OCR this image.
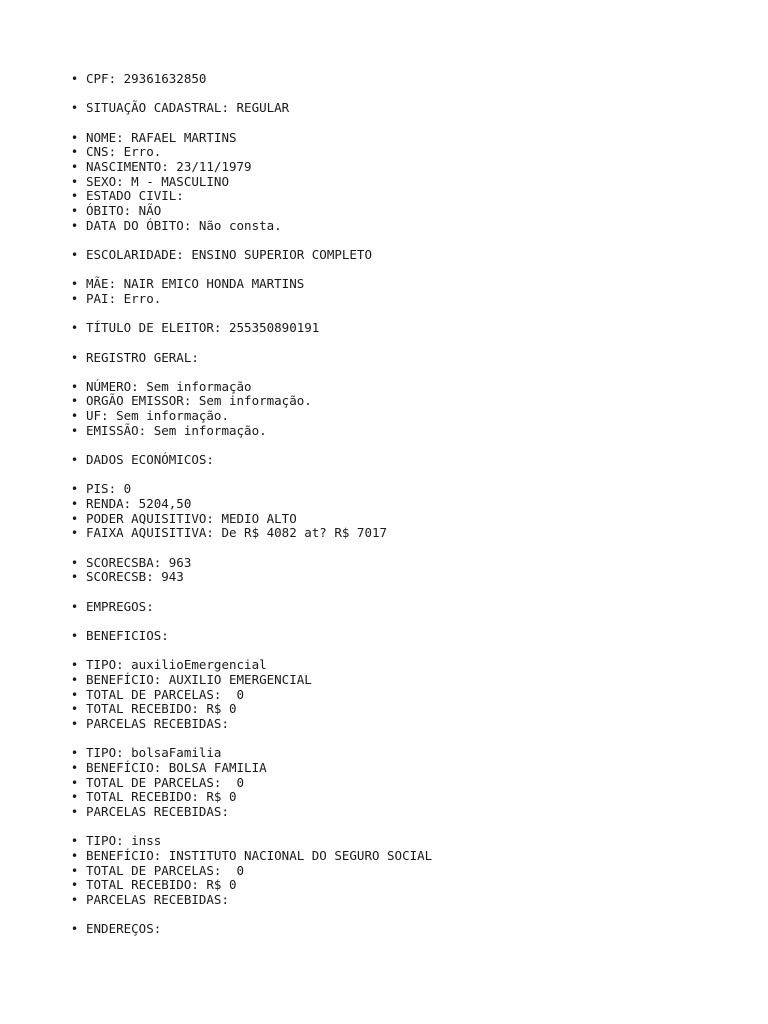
• CPF: 29361632850
• SITUAÇÃO CADASTRAL: REGULAR
• NOME: RAFAEL MARTINS
• CNS: Erro.
• NASCIMENTO: 23/11/1979
• SEXO: M - MASCULINO
• ESTADO CIVIL:
• ÓBITO: NÃO
• DATA DO ÓBITO: Não consta.
• ESCOLARIDADE: ENSINO SUPERIOR COMPLETO
• MÃE: NAIR EMICO HONDA MARTINS
• PAI: Erro.
• TÍTULO DE ELEITOR: 255350890191
• REGISTRO GERAL:
• NÚMERO: Sem informação
• ORGÃO EMISSOR: Sem informação.
• UF: Sem informação.
• EMISSÃO: Sem informação.
• DADOS ECONÓMICOS:
• PIS: 0
• RENDA: 5204,50
• PODER AQUISITIVO: MEDIO ALTO
• FAIXA AQUISITIVA: De R$ 4082 at? R$ 7017
• SCORECSBA: 963
• SCORECSB: 943
• EMPREGOS:
• BENEFICIOS:
• TIPO: auxilioEmergencial
• BENEFÍCIO: AUXILIO EMERGENCIAL
• TOTAL DE PARCELAS:  0
• TOTAL RECEBIDO: R$ 0
• PARCELAS RECEBIDAS:
• TIPO: bolsaFamilia
• BENEFÍCIO: BOLSA FAMILIA
• TOTAL DE PARCELAS:  0
• TOTAL RECEBIDO: R$ 0
• PARCELAS RECEBIDAS:
• TIPO: inss
• BENEFÍCIO: INSTITUTO NACIONAL DO SEGURO SOCIAL
• TOTAL DE PARCELAS:  0
• TOTAL RECEBIDO: R$ 0
• PARCELAS RECEBIDAS:
• ENDEREÇOS:
